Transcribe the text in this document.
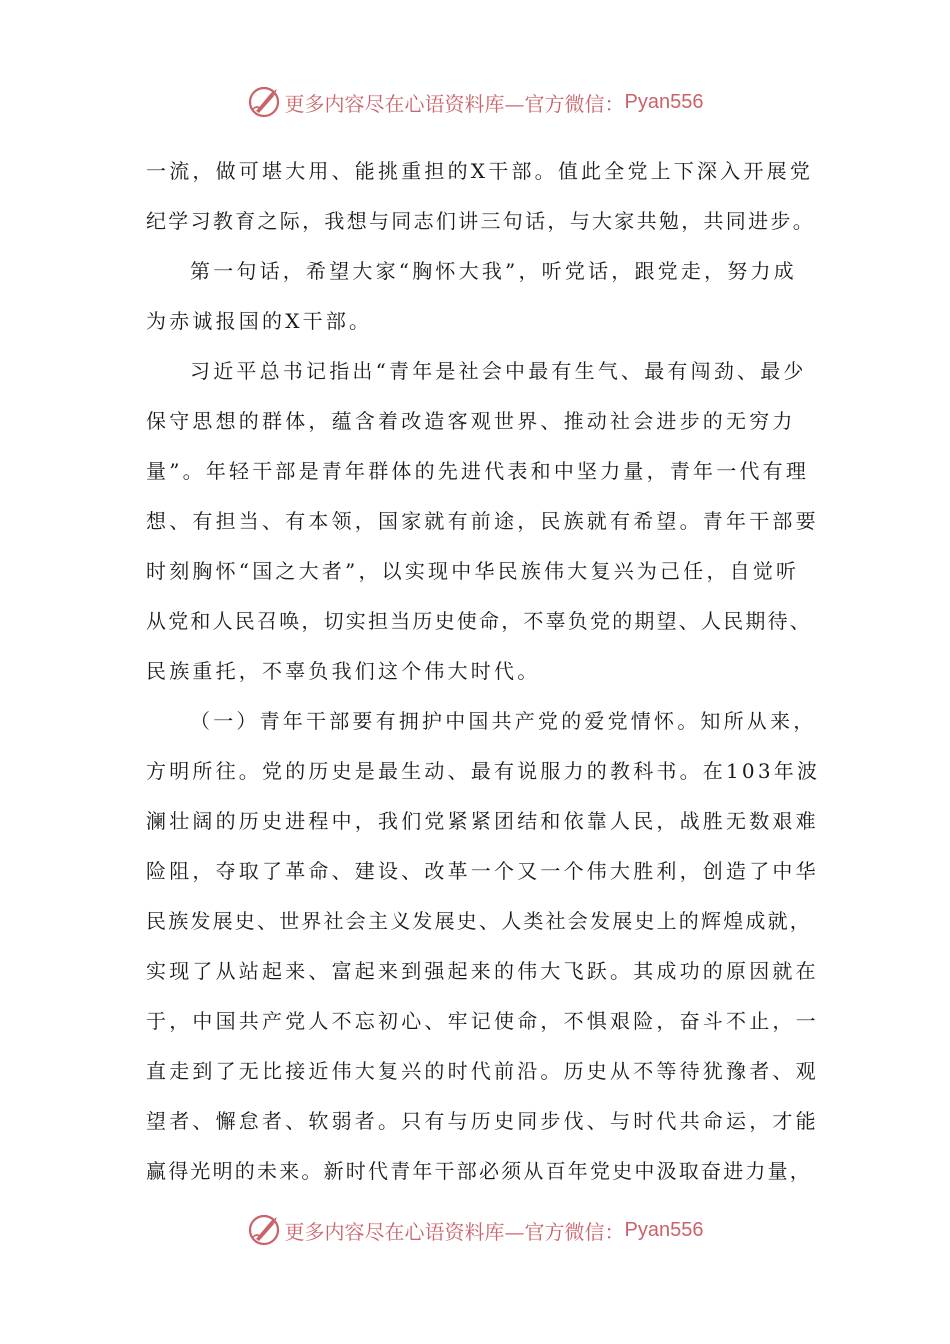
更多内容尽在心语资料库—官方微信： Pyan556
一流，做可堪大用、能挑重担的X干部。值此全党上下深入开展党
纪学习教育之际，我想与同志们讲三句话，与大家共勉，共同进步。
第一句话，希望大家“胸怀大我”，听党话，跟党走，努力成
为赤诚报国的X干部。
习近平总书记指出“青年是社会中最有生气、最有闯劲、最少
保守思想的群体，蕴含着改造客观世界、推动社会进步的无穷力
量”。年轻干部是青年群体的先进代表和中坚力量，青年一代有理
想、有担当、有本领，国家就有前途，民族就有希望。青年干部要
时刻胸怀“国之大者”，以实现中华民族伟大复兴为己任，自觉听
从党和人民召唤，切实担当历史使命，不辜负党的期望、人民期待、
民族重托，不辜负我们这个伟大时代。
（一）青年干部要有拥护中国共产党的爱党情怀。知所从来，
方明所往。党的历史是最生动、最有说服力的教科书。在103年波
澜壮阔的历史进程中，我们党紧紧团结和依靠人民，战胜无数艰难
险阻，夺取了革命、建设、改革一个又一个伟大胜利，创造了中华
民族发展史、世界社会主义发展史、人类社会发展史上的辉煌成就，
实现了从站起来、富起来到强起来的伟大飞跃。其成功的原因就在
于，中国共产党人不忘初心、牢记使命，不惧艰险，奋斗不止，一
直走到了无比接近伟大复兴的时代前沿。历史从不等待犹豫者、观
望者、懈怠者、软弱者。只有与历史同步伐、与时代共命运，才能
赢得光明的未来。新时代青年干部必须从百年党史中汲取奋进力量，
更多内容尽在心语资料库—官方微信： Pyan556
